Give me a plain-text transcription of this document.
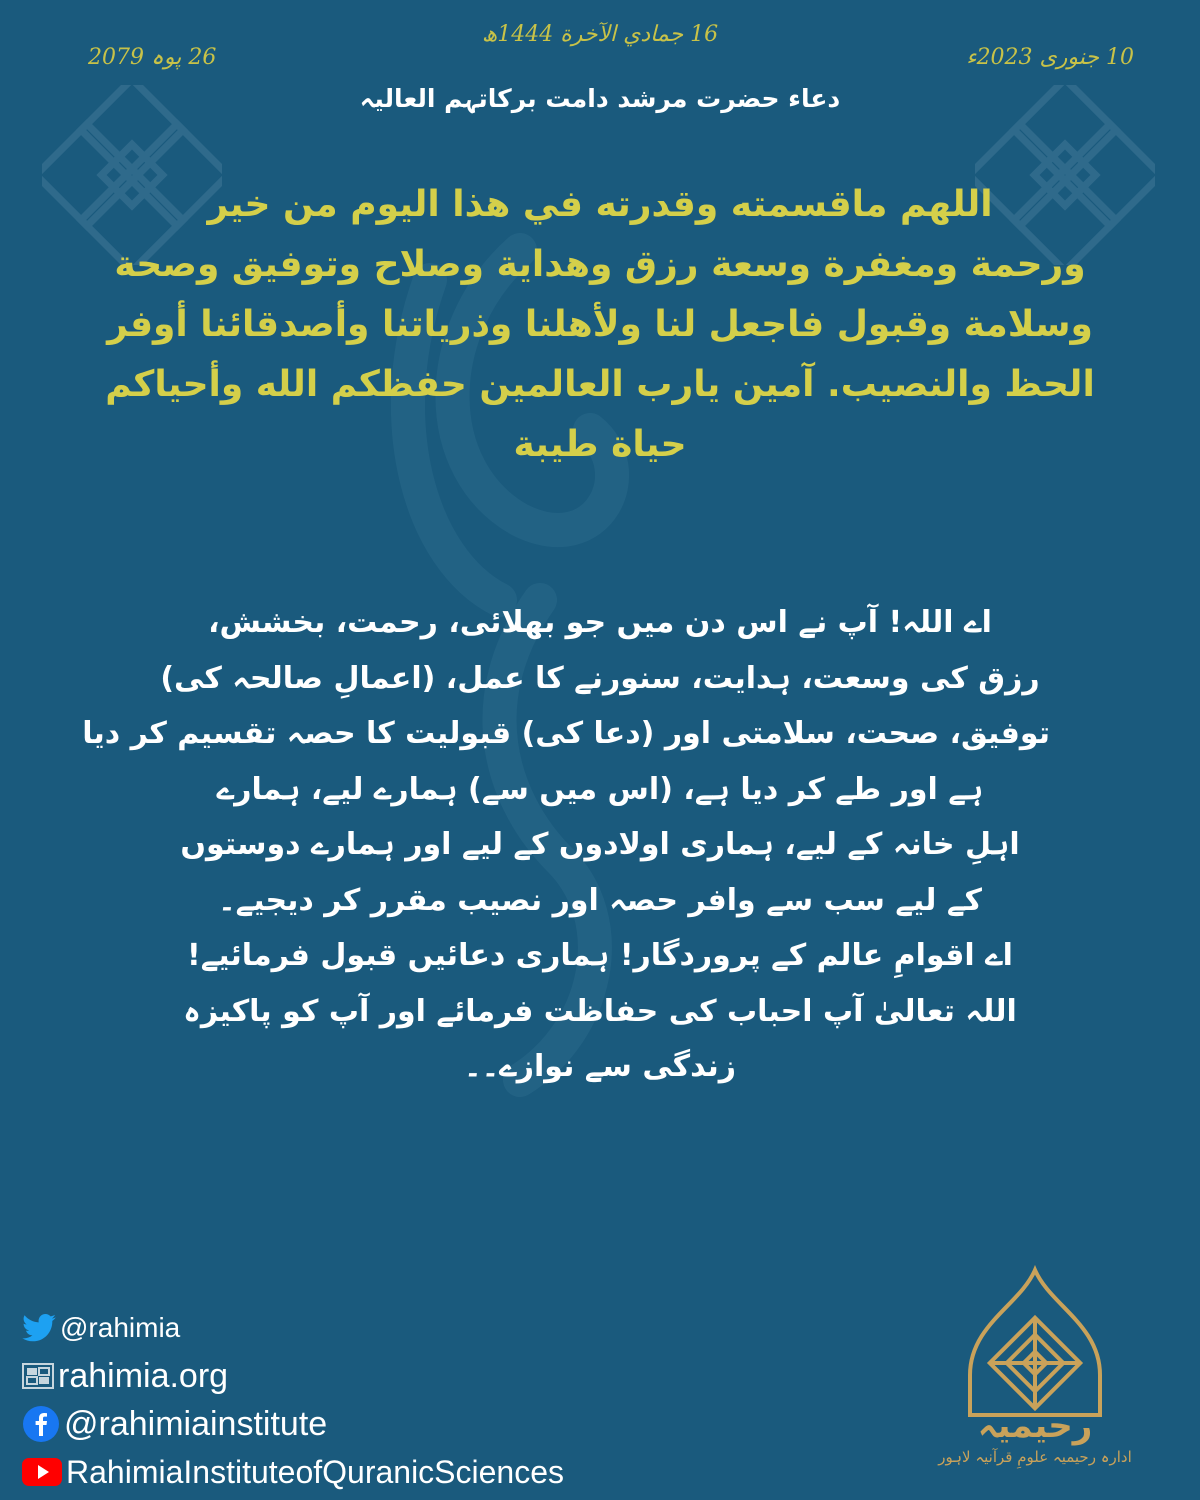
16 جمادي الآخرة 1444ھ
26 پوہ 2079	10 جنوری 2023ء
دعاء حضرت مرشد دامت برکاتہم العالیہ
اللهم ماقسمته وقدرته في هذا اليوم من خير
ورحمة ومغفرة وسعة رزق وهداية وصلاح وتوفيق وصحة
وسلامة وقبول فاجعل لنا ولأهلنا وذرياتنا وأصدقائنا أوفر
الحظ والنصيب. آمين يارب العالمين حفظكم الله وأحياكم
حياة طيبة
اے اللہ! آپ نے اس دن میں جو بھلائی، رحمت، بخشش،
رزق کی وسعت، ہدایت، سنورنے کا عمل، (اعمالِ صالحہ کی)
توفیق، صحت، سلامتی اور (دعا کی) قبولیت کا حصہ تقسیم کر دیا
ہے اور طے کر دیا ہے، (اس میں سے) ہمارے لیے، ہمارے
اہلِ خانہ کے لیے، ہماری اولادوں کے لیے اور ہمارے دوستوں
کے لیے سب سے وافر حصہ اور نصیب مقرر کر دیجیے۔
اے اقوامِ عالم کے پروردگار! ہماری دعائیں قبول فرمائیے!
اللہ تعالیٰ آپ احباب کی حفاظت فرمائے اور آپ کو پاکیزہ
زندگی سے نوازے۔۔
@rahimia
rahimia.org
@rahimiainstitute
RahimiaInstituteofQuranicSciences
رحیمیہ
ادارہ رحیمیہ علومِ قرآنیہ لاہور
